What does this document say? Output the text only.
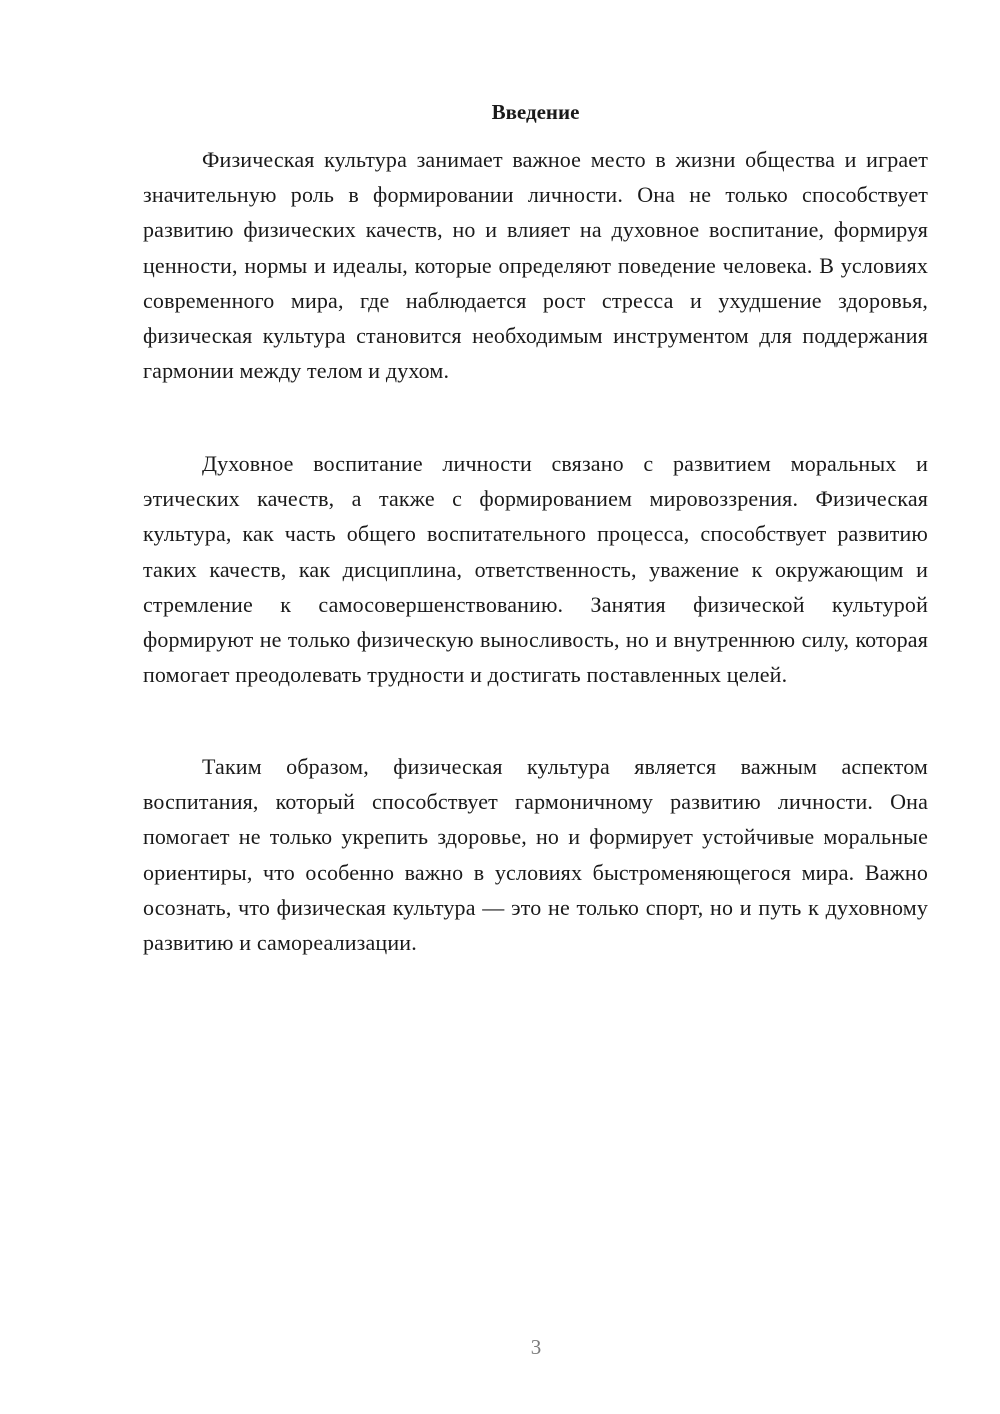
Введение

Физическая культура занимает важное место в жизни общества и играет значительную роль в формировании личности. Она не только способствует развитию физических качеств, но и влияет на духовное воспитание, формируя ценности, нормы и идеалы, которые определяют поведение человека. В условиях современного мира, где наблюдается рост стресса и ухудшение здоровья, физическая культура становится необходимым инструментом для поддержания гармонии между телом и духом.

Духовное воспитание личности связано с развитием моральных и этических качеств, а также с формированием мировоззрения. Физическая культура, как часть общего воспитательного процесса, способствует развитию таких качеств, как дисциплина, ответственность, уважение к окружающим и стремление к самосовершенствованию. Занятия физической культурой формируют не только физическую выносливость, но и внутреннюю силу, которая помогает преодолевать трудности и достигать поставленных целей.

Таким образом, физическая культура является важным аспектом воспитания, который способствует гармоничному развитию личности. Она помогает не только укрепить здоровье, но и формирует устойчивые моральные ориентиры, что особенно важно в условиях быстроменяющегося мира. Важно осознать, что физическая культура — это не только спорт, но и путь к духовному развитию и самореализации.

3
